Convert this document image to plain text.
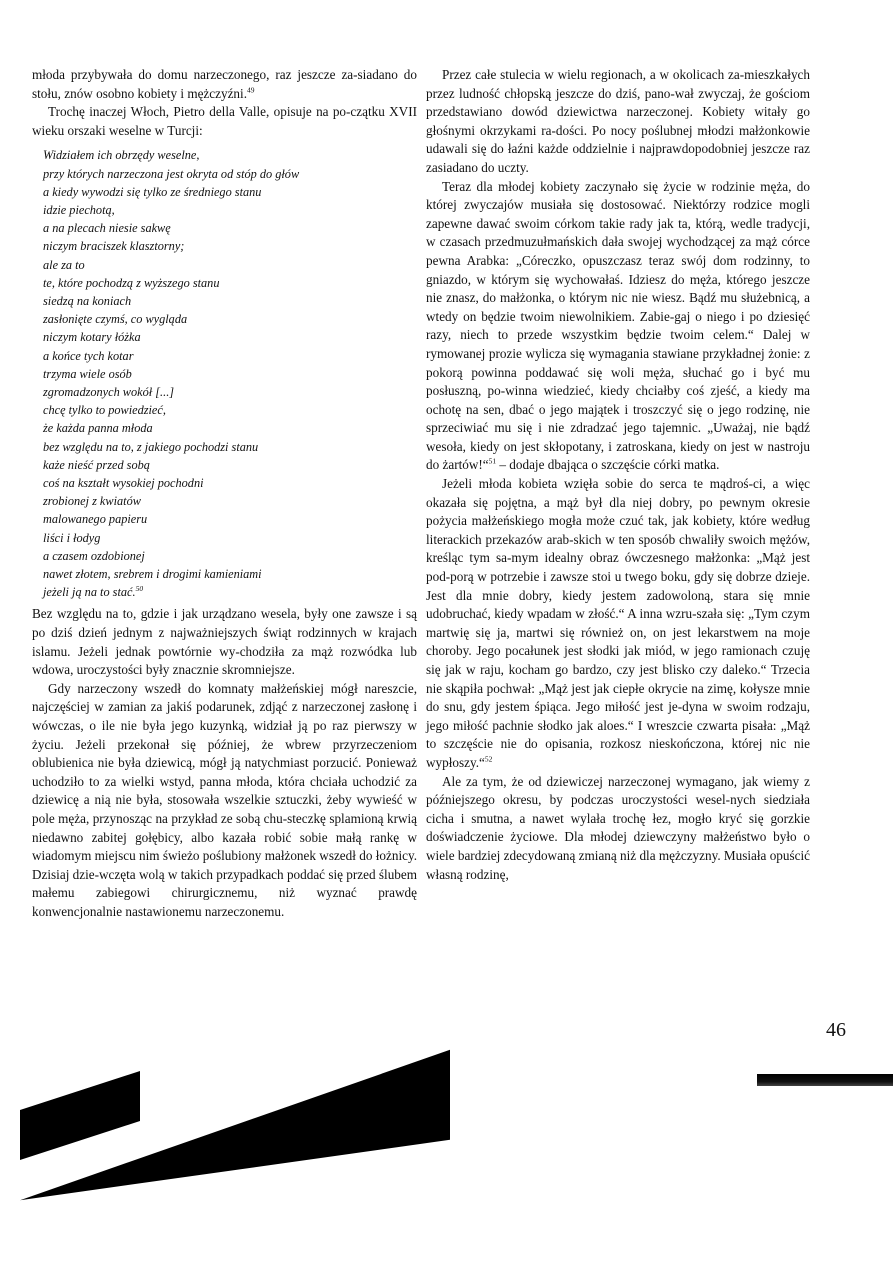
młoda przybywała do domu narzeczonego, raz jeszcze za-siadano do stołu, znów osobno kobiety i mężczyźni.$^{49}$

Trochę inaczej Włoch, Pietro della Valle, opisuje na po-czątku XVII wieku orszaki weselne w Turcji:

Widziałem ich obrzędy weselne,
przy których narzeczona jest okryta od stóp do głów
a kiedy wywodzi się tylko ze średniego stanu
idzie piechotą,
a na plecach niesie sakwę
niczym braciszek klasztorny;
ale za to
te, które pochodzą z wyższego stanu
siedzą na koniach
zasłonięte czymś, co wygląda
niczym kotary łóżka
a końce tych kotar
trzyma wiele osób
zgromadzonych wokół [...]
chcę tylko to powiedzieć,
że każda panna młoda
bez względu na to, z jakiego pochodzi stanu
każe nieść przed sobą
coś na kształt wysokiej pochodni
zrobionej z kwiatów
malowanego papieru
liści i łodyg
a czasem ozdobionej
nawet złotem, srebrem i drogimi kamieniami
jeżeli ją na to stać.$^{50}$

Bez względu na to, gdzie i jak urządzano wesela, były one zawsze i są po dziś dzień jednym z najważniejszych świąt rodzinnych w krajach islamu. Jeżeli jednak powtórnie wy-chodziła za mąż rozwódka lub wdowa, uroczystości były znacznie skromniejsze.

Gdy narzeczony wszedł do komnaty małżeńskiej mógł nareszcie, najczęściej w zamian za jakiś podarunek, zdjąć z narzeczonej zasłonę i wówczas, o ile nie była jego kuzynką, widział ją po raz pierwszy w życiu. Jeżeli przekonał się później, że wbrew przyrzeczeniom oblubienica nie była dziewicą, mógł ją natychmiast porzucić. Ponieważ uchodziło to za wielki wstyd, panna młoda, która chciała uchodzić za dziewicę a nią nie była, stosowała wszelkie sztuczki, żeby wywieść w pole męża, przynosząc na przykład ze sobą chu-steczkę splamioną krwią niedawno zabitej gołębicy, albo kazała robić sobie małą rankę w wiadomym miejscu nim świeżo poślubiony małżonek wszedł do łożnicy. Dzisiaj dzie-wczęta wolą w takich przypadkach poddać się przed ślubem małemu zabiegowi chirurgicznemu, niż wyznać prawdę konwencjonalnie nastawionemu narzeczonemu.

Przez całe stulecia w wielu regionach, a w okolicach za-mieszkałych przez ludność chłopską jeszcze do dziś, pano-wał zwyczaj, że gościom przedstawiano dowód dziewictwa narzeczonej. Kobiety witały go głośnymi okrzykami ra-dości. Po nocy poślubnej młodzi małżonkowie udawali się do łaźni każde oddzielnie i najprawdopodobniej jeszcze raz zasiadano do uczty.

Teraz dla młodej kobiety zaczynało się życie w rodzinie męża, do której zwyczajów musiała się dostosować. Niektórzy rodzice mogli zapewne dawać swoim córkom takie rady jak ta, którą, wedle tradycji, w czasach przedmuzułmańskich dała swojej wychodzącej za mąż córce pewna Arabka: „Córeczko, opuszczasz teraz swój dom rodzinny, to gniazdo, w którym się wychowałaś. Idziesz do męża, którego jeszcze nie znasz, do małżonka, o którym nic nie wiesz. Bądź mu służebnicą, a wtedy on będzie twoim niewolnikiem. Zabie-gaj o niego i po dziesięć razy, niech to przede wszystkim będzie twoim celem.“ Dalej w rymowanej prozie wylicza się wymagania stawiane przykładnej żonie: z pokorą powinna poddawać się woli męża, słuchać go i być mu posłuszną, po-winna wiedzieć, kiedy chciałby coś zjeść, a kiedy ma ochotę na sen, dbać o jego majątek i troszczyć się o jego rodzinę, nie sprzeciwiać mu się i nie zdradzać jego tajemnic. „Uważaj, nie bądź wesoła, kiedy on jest skłopotany, i zatroskana, kiedy on jest w nastroju do żartów!“$^{51}$ – dodaje dbająca o szczęście córki matka.

Jeżeli młoda kobieta wzięła sobie do serca te mądroś-ci, a więc okazała się pojętna, a mąż był dla niej dobry, po pewnym okresie pożycia małżeńskiego mogła może czuć tak, jak kobiety, które według literackich przekazów arab-skich w ten sposób chwaliły swoich mężów, kreśląc tym sa-mym idealny obraz ówczesnego małżonka: „Mąż jest pod-porą w potrzebie i zawsze stoi u twego boku, gdy się dobrze dzieje. Jest dla mnie dobry, kiedy jestem zadowoloną, stara się mnie udobruchać, kiedy wpadam w złość.“ A inna wzru-szała się: „Tym czym martwię się ja, martwi się również on, on jest lekarstwem na moje choroby. Jego pocałunek jest słodki jak miód, w jego ramionach czuję się jak w raju, kocham go bardzo, czy jest blisko czy daleko.“ Trzecia nie skąpiła pochwał: „Mąż jest jak ciepłe okrycie na zimę, kołysze mnie do snu, gdy jestem śpiąca. Jego miłość jest je-dyna w swoim rodzaju, jego miłość pachnie słodko jak aloes.“ I wreszcie czwarta pisała: „Mąż to szczęście nie do opisania, rozkosz nieskończona, której nic nie wypłoszy.“$^{52}$

Ale za tym, że od dziewiczej narzeczonej wymagano, jak wiemy z późniejszego okresu, by podczas uroczystości wesel-nych siedziała cicha i smutna, a nawet wylała trochę łez, mogło kryć się gorzkie doświadczenie życiowe. Dla młodej dziewczyny małżeństwo było o wiele bardziej zdecydowaną zmianą niż dla mężczyzny. Musiała opuścić własną rodzinę,

46
